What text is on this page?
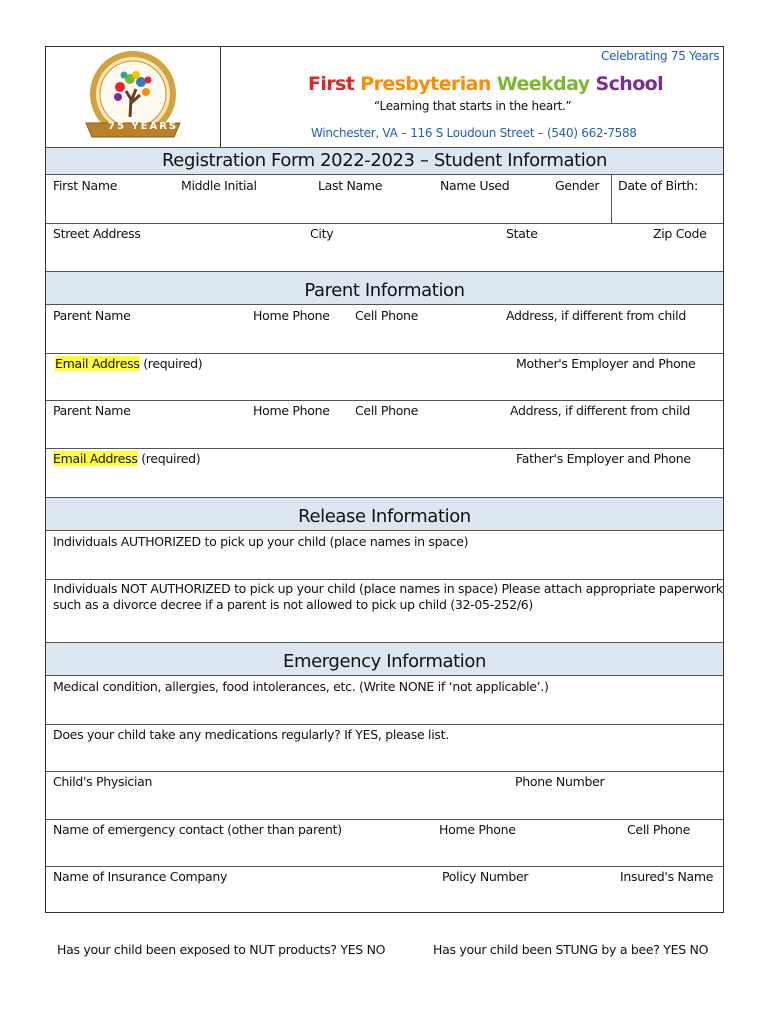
75 YEARS
Celebrating 75 Years
First Presbyterian Weekday School
“Learning that starts in the heart.”
Winchester, VA – 116 S Loudoun Street – (540) 662-7588
Registration Form 2022-2023 – Student Information
First Name	Middle Initial	Last Name	Name Used	Gender Date of Birth:
Street Address	City	State	Zip Code
Parent Information
Parent Name	Home Phone Cell Phone	Address, if different from child
Email Address (required)	Mother's Employer and Phone
Parent Name	Home Phone Cell Phone	Address, if different from child
Email Address (required)	Father's Employer and Phone
Release Information
Individuals AUTHORIZED to pick up your child (place names in space)
Individuals NOT AUTHORIZED to pick up your child (place names in space) Please attach appropriate paperwork
such as a divorce decree if a parent is not allowed to pick up child (32-05-252/6)
Emergency Information
Medical condition, allergies, food intolerances, etc. (Write NONE if ‘not applicable’.)
Does your child take any medications regularly? If YES, please list.
Child's Physician	Phone Number
Name of emergency contact (other than parent)	Home Phone	Cell Phone
Name of Insurance Company	Policy Number	Insured's Name
Has your child been exposed to NUT products? YES NO	Has your child been STUNG by a bee? YES NO
